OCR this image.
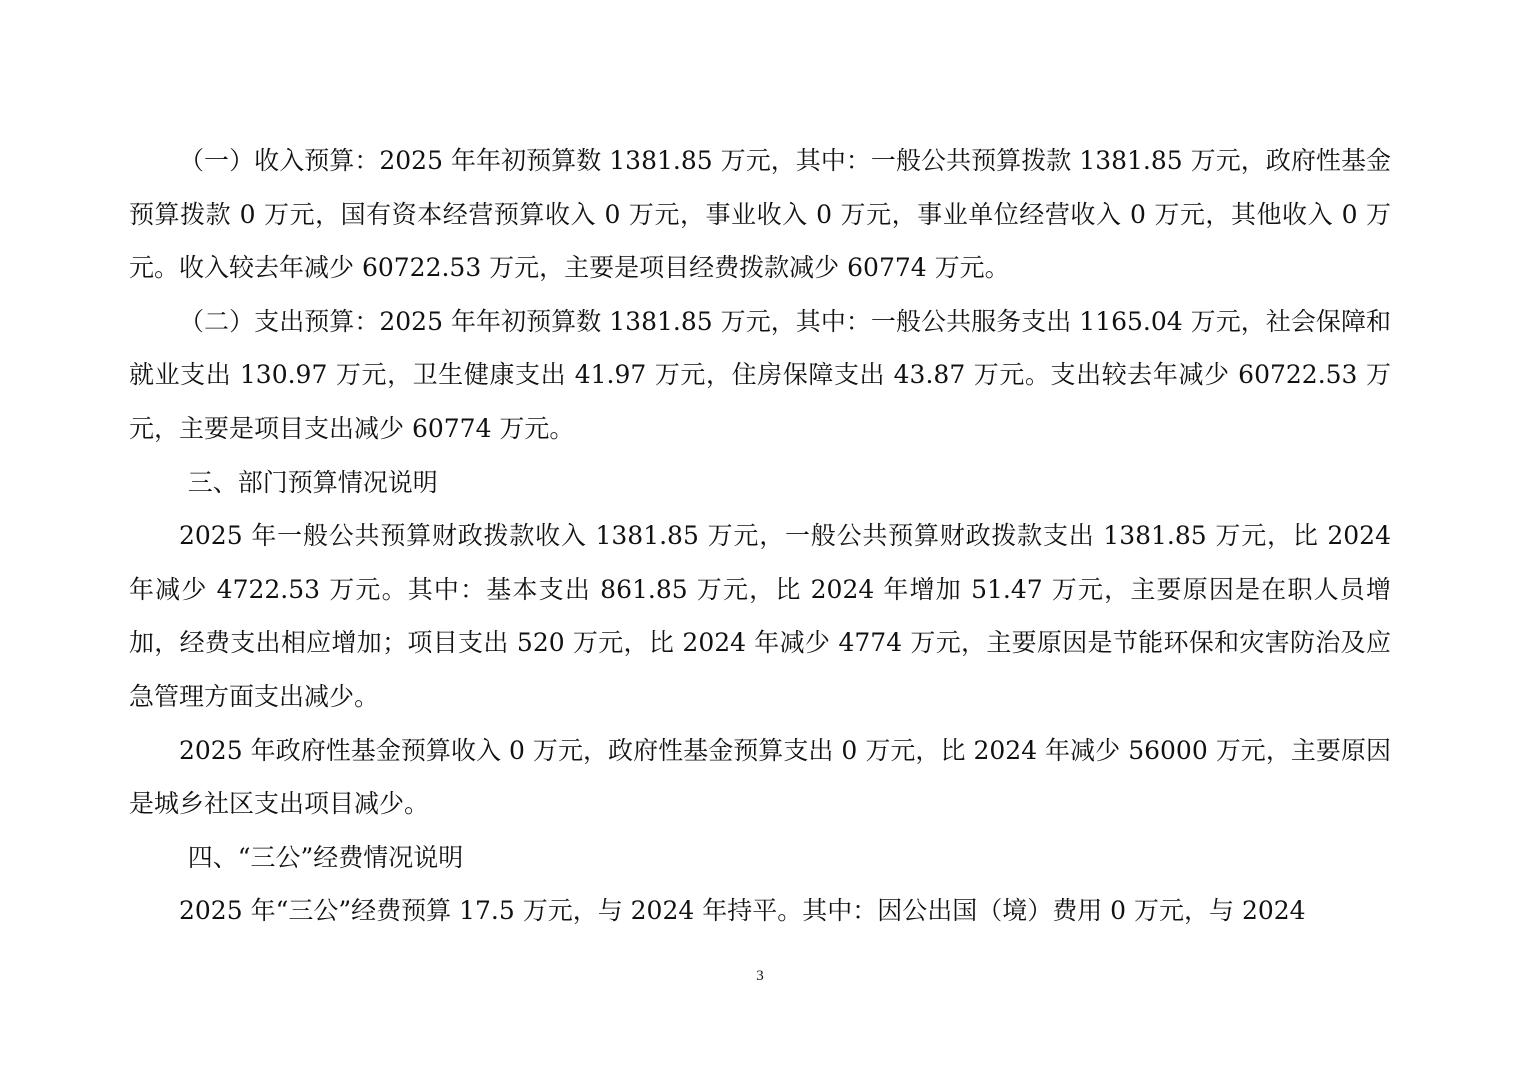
（一）收入预算：2025 年年初预算数 1381.85 万元，其中：一般公共预算拨款 1381.85 万元，政府性基金预算拨款 0 万元，国有资本经营预算收入 0 万元，事业收入 0 万元，事业单位经营收入 0 万元，其他收入 0 万元。收入较去年减少 60722.53 万元，主要是项目经费拨款减少 60774 万元。

（二）支出预算：2025 年年初预算数 1381.85 万元，其中：一般公共服务支出 1165.04 万元，社会保障和就业支出 130.97 万元，卫生健康支出 41.97 万元，住房保障支出 43.87 万元。支出较去年减少 60722.53 万元，主要是项目支出减少 60774 万元。

三、部门预算情况说明

2025 年一般公共预算财政拨款收入 1381.85 万元，一般公共预算财政拨款支出 1381.85 万元，比 2024 年减少 4722.53 万元。其中：基本支出 861.85 万元，比 2024 年增加 51.47 万元，主要原因是在职人员增加，经费支出相应增加；项目支出 520 万元，比 2024 年减少 4774 万元，主要原因是节能环保和灾害防治及应急管理方面支出减少。

2025 年政府性基金预算收入 0 万元，政府性基金预算支出 0 万元，比 2024 年减少 56000 万元，主要原因是城乡社区支出项目减少。

四、“三公”经费情况说明

2025 年“三公”经费预算 17.5 万元，与 2024 年持平。其中：因公出国（境）费用 0 万元，与 2024

3
